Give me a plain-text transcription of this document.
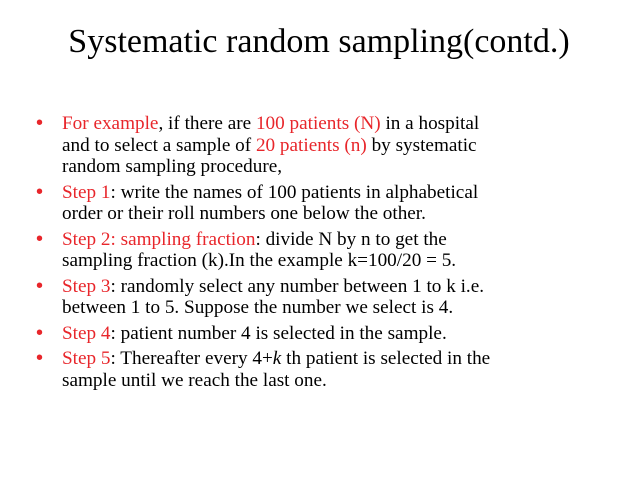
Systematic random sampling(contd.)
• For example, if there are 100 patients (N) in a hospital
and to select a sample of 20 patients (n) by systematic
random sampling procedure,
• Step 1: write the names of 100 patients in alphabetical
order or their roll numbers one below the other.
• Step 2: sampling fraction: divide N by n to get the
sampling fraction (k).In the example k=100/20 = 5.
• Step 3: randomly select any number between 1 to k i.e.
between 1 to 5. Suppose the number we select is 4.
• Step 4: patient number 4 is selected in the sample.
• Step 5: Thereafter every 4+k th patient is selected in the
sample until we reach the last one.
